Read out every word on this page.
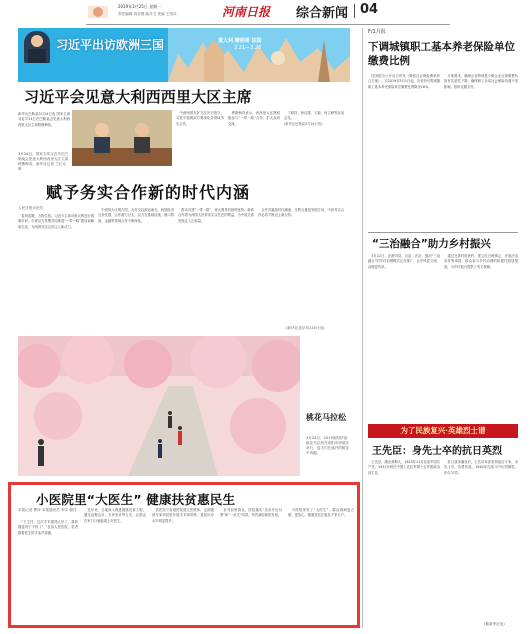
2019年3月25日 星期一
责任编辑 刘亦强 曲开文 美编 王伟宾	河南日报 综合新闻 04
习近平出访欧洲三国	意大利 摩纳哥 法国
3.21—3.26
习近平会见意大利西西里大区主席
新华社巴勒莫3月24日电 国家主席习近平24日在巴勒莫会见意大利西西里大区主席穆斯梅奇。
　中意两国友好交往历史悠久，习近平强调双方要深化各领域务实合作。
　穆斯梅奇表示，西西里大区愿积极参与“一带一路”合作，扩大双向交流。
　丁薛祥、杨洁篪、王毅、何立峰等参加会见。
(新华社巴勒莫3月24日电)
3月24日，国家主席习近平在巴勒莫会见意大利西西里大区主席穆斯梅奇。新华社记者 兰红光 摄
赋予务实合作新的时代内涵
人民日报评论员
　春风送暖，万物生机。习近平主席对意大利进行国事访问，中意双方签署共同推进“一带一路”建设谅解备忘录，为两国务实合作注入新动力。
　中意同为文明古国，友好交往源远流长。两国经济互补性强，合作潜力巨大，双方在基础设施、港口物流、金融等领域合作不断深化。
　推动共建“一带一路”，意大利具有独特优势。新的合作将为两国人民带来实实在在的利益，为中欧关系发展注入正能量。
　合作共赢是时代潮流，互利互惠是发展方向。中意务实合作必将不断迈上新台阶。
(新华社北京3月24日电)
桃花马拉松
3月24日，2019洛阳伊滨桃花马拉松在洛阳市伊滨区举行，选手们在盛开的桃花中奔跑。
小医院里“大医生” 健康扶贫惠民生
本报记者 曹萍 本报通讯员 李学 朝洋
　“王主任，这次手术做得太好了，我的膝盖终于不疼了！”在县人民医院，患者握着医生的手连声道谢。
　近年来，当地深入推进健康扶贫工程，通过远程会诊、专家坐诊等方式，让群众在家门口就能看上好医生。
　县医院与省级医院建立医联体，定期邀请专家到县里开展手术和带教，基层诊疗水平明显提升。
　针对贫困群众，医院落实“先诊疗后付费”和“一站式”结算，有效减轻就医负担。
　小医院里有了“大医生”，群众看病更方便、更放心，健康扶贫正惠及千家万户。
F/1月报
下调城镇职工基本养老保险单位缴费比例
　国务院办公厅近日印发《降低社会保险费率综合方案》，自2019年5月1日起，各省份可将城镇职工基本养老保险单位缴费比例降至16%。
　方案要求，确保企业特别是小微企业社保缴费负担有实质性下降，确保职工各项社会保险待遇不受影响、按时足额支付。
“三治融合”助力乡村振兴
　3月22日，在淅川县，自治、法治、德治“三治融合”的乡村治理模式正在推广，让乡风更文明、治理更有效。
　通过完善村规民约、建立红白理事会、开展法治宣传等举措，群众参与乡村治理的积极性明显提高，为乡村振兴提供了有力保障。
为了民族复兴·英雄烈士谱
王先臣：身先士卒的抗日英烈
　王先臣，湖北黄梅人，1925年11月参加中国共产党，1931年秋任中国工农红军第十五军团政治部主任。
　抗日战争爆发后，王先臣率部坚持敌后斗争，身先士卒，英勇作战，1940年在战斗中壮烈牺牲，年仅37岁。
(据新华社电)
